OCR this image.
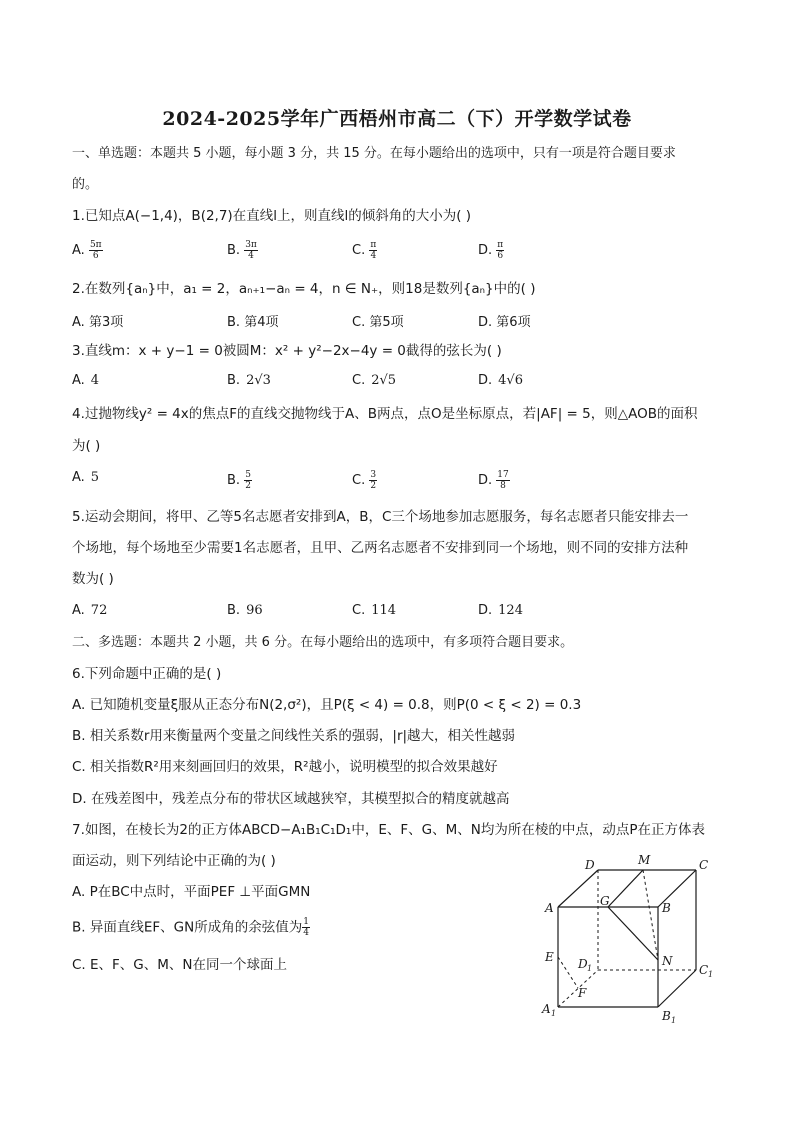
2024-2025学年广西梧州市高二（下）开学数学试卷
一、单选题：本题共 5 小题，每小题 3 分，共 15 分。在每小题给出的选项中，只有一项是符合题目要求
的。
1.已知点A(−1,4)，B(2,7)在直线l上，则直线l的倾斜角的大小为( )
A. $\frac{5\pi}{6}$	B. $\frac{3\pi}{4}$	C. $\frac{\pi}{4}$	D. $\frac{\pi}{6}$
2.在数列{aₙ}中，a₁ = 2，aₙ₊₁−aₙ = 4，n ∈ N₊，则18是数列{aₙ}中的( )
A. 第3项	B. 第4项	C. 第5项	D. 第6项
3.直线m：x + y−1 = 0被圆M：x² + y²−2x−4y = 0截得的弦长为( )
A. 4	B. 2√3	C. 2√5	D. 4√6
4.过抛物线y² = 4x的焦点F的直线交抛物线于A、B两点，点O是坐标原点，若|AF| = 5，则△AOB的面积
为( )
A. 5	B. $\frac{5}{2}$	C. $\frac{3}{2}$	D. $\frac{17}{8}$
5.运动会期间，将甲、乙等5名志愿者安排到A，B，C三个场地参加志愿服务，每名志愿者只能安排去一
个场地，每个场地至少需要1名志愿者，且甲、乙两名志愿者不安排到同一个场地，则不同的安排方法种
数为( )
A. 72	B. 96	C. 114	D. 124
二、多选题：本题共 2 小题，共 6 分。在每小题给出的选项中，有多项符合题目要求。
6.下列命题中正确的是( )
A. 已知随机变量ξ服从正态分布N(2,σ²)，且P(ξ < 4) = 0.8，则P(0 < ξ < 2) = 0.3
B. 相关系数r用来衡量两个变量之间线性关系的强弱，|r|越大，相关性越弱
C. 相关指数R²用来刻画回归的效果，R²越小，说明模型的拟合效果越好
D. 在残差图中，残差点分布的带状区域越狭窄，其模型拟合的精度就越高
7.如图，在棱长为2的正方体ABCD−A₁B₁C₁D₁中，E、F、G、M、N均为所在棱的中点，动点P在正方体表
面运动，则下列结论中正确的为( )
A. P在BC中点时，平面PEF ⊥平面GMN
B. 异面直线EF、GN所成角的余弦值为 $\frac{1}{4}$
C. E、F、G、M、N在同一个球面上
A	B
C
D	M
G
E	N
F
D 1	C 1
A 1	B 1
